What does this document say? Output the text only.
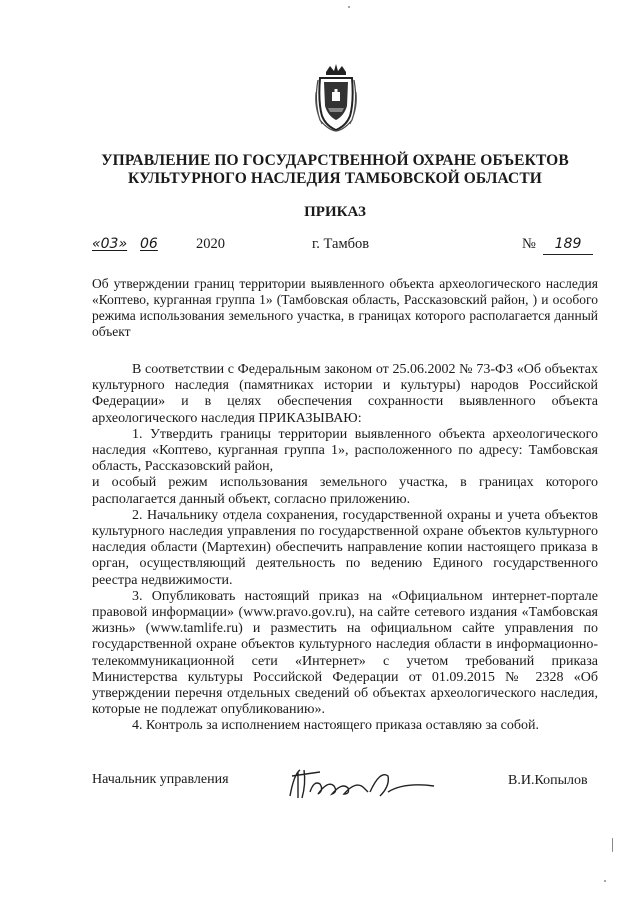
УПРАВЛЕНИЕ ПО ГОСУДАРСТВЕННОЙ ОХРАНЕ ОБЪЕКТОВ
КУЛЬТУРНОГО НАСЛЕДИЯ ТАМБОВСКОЙ ОБЛАСТИ
ПРИКАЗ
«03» 06	2020	г. Тамбов	№	189

Об утверждении границ территории выявленного объекта археологического наследия «Коптево, курганная группа 1» (Тамбовская область, Рассказовский район, ) и особого режима использования земельного участка, в границах которого располагается данный объект

В соответствии с Федеральным законом от 25.06.2002 № 73-ФЗ «Об объектах культурного наследия (памятниках истории и культуры) народов Российской Федерации» и в целях обеспечения сохранности выявленного объекта археологического наследия ПРИКАЗЫВАЮ:

1. Утвердить границы территории выявленного объекта археологического наследия «Коптево, курганная группа 1», расположенного по адресу: Тамбовская область, Рассказовский район,

и особый режим использования земельного участка, в границах которого располагается данный объект, согласно приложению.

2. Начальнику отдела сохранения, государственной охраны и учета объектов культурного наследия управления по государственной охране объектов культурного наследия области (Мартехин) обеспечить направление копии настоящего приказа в орган, осуществляющий деятельность по ведению Единого государственного реестра недвижимости.

3. Опубликовать настоящий приказ на «Официальном интернет-портале правовой информации» (www.pravo.gov.ru), на сайте сетевого издания «Тамбовская жизнь» (www.tamlife.ru) и разместить на официальном сайте управления по государственной охране объектов культурного наследия области в информационно-телекоммуникационной сети «Интернет» с учетом требований приказа Министерства культуры Российской Федерации от 01.09.2015 № 2328 «Об утверждении перечня отдельных сведений об объектах археологического наследия, которые не подлежат опубликованию».

4. Контроль за исполнением настоящего приказа оставляю за собой.

Начальник управления	В.И.Копылов
